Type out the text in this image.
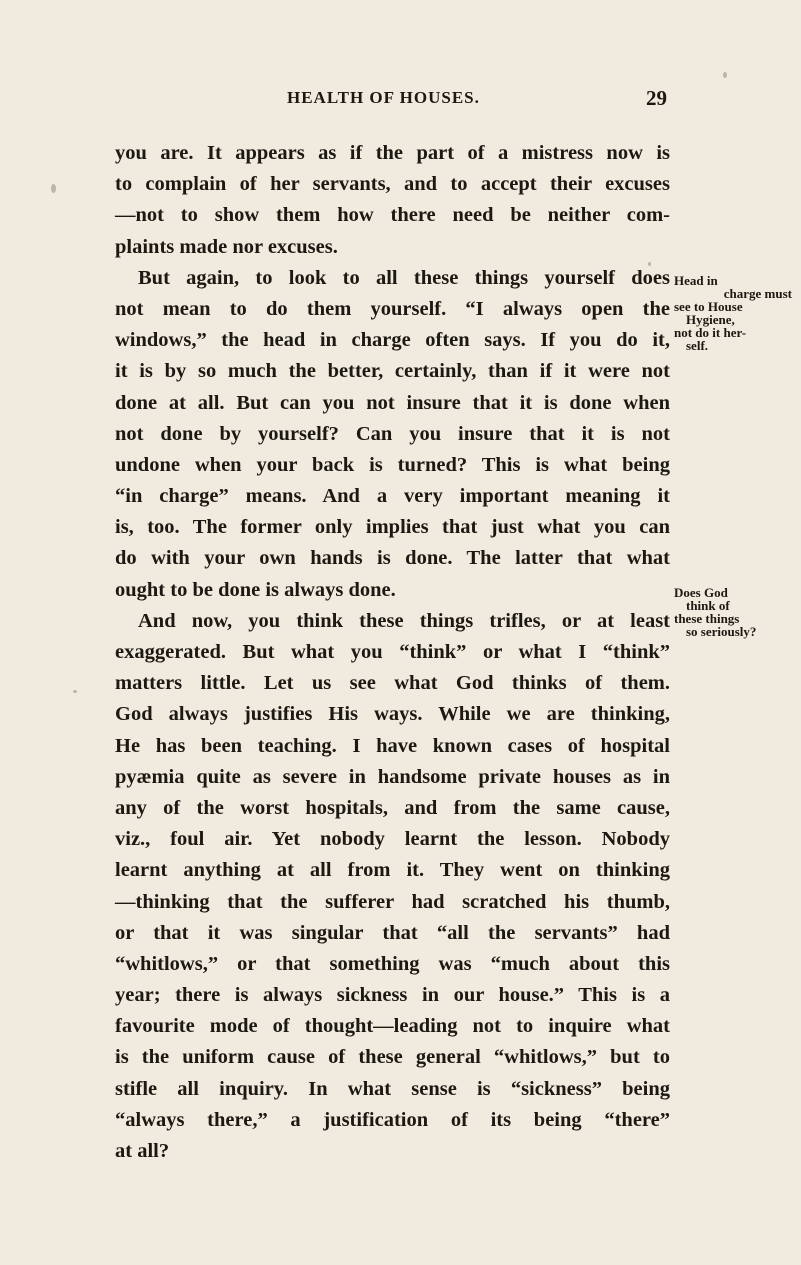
HEALTH OF HOUSES.	29
you are. It appears as if the part of a mistress now is
to complain of her servants, and to accept their excuses
—not to show them how there need be neither com-
plaints made nor excuses.
But again, to look to all these things yourself does
not mean to do them yourself. “I always open the
windows,” the head in charge often says. If you do it,
it is by so much the better, certainly, than if it were not
done at all. But can you not insure that it is done when
not done by yourself? Can you insure that it is not
undone when your back is turned? This is what being
“in charge” means. And a very important meaning it
is, too. The former only implies that just what you can
do with your own hands is done. The latter that what
ought to be done is always done.
And now, you think these things trifles, or at least
exaggerated. But what you “think” or what I “think”
matters little. Let us see what God thinks of them.
God always justifies His ways. While we are thinking,
He has been teaching. I have known cases of hospital
pyæmia quite as severe in handsome private houses as in
any of the worst hospitals, and from the same cause,
viz., foul air. Yet nobody learnt the lesson. Nobody
learnt anything at all from it. They went on thinking
—thinking that the sufferer had scratched his thumb,
or that it was singular that “all the servants” had
“whitlows,” or that something was “much about this
year; there is always sickness in our house.” This is a
favourite mode of thought—leading not to inquire what
is the uniform cause of these general “whitlows,” but to
stifle all inquiry. In what sense is “sickness” being
“always there,” a justification of its being “there”
at all?
Head in
charge must
see to House
Hygiene,
not do it her-
self.
Does God
think of
these things
so seriously?
